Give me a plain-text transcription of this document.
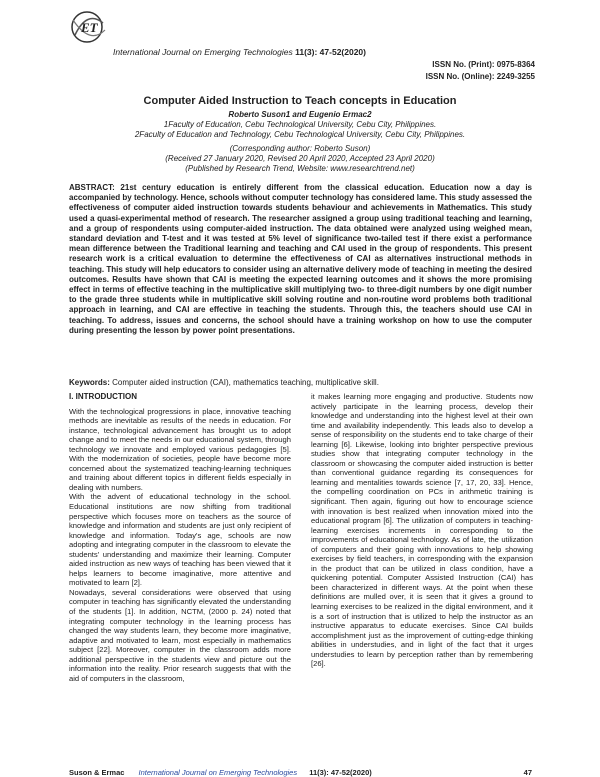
ET
International Journal on Emerging Technologies 11(3): 47-52(2020)
ISSN No. (Print): 0975-8364
ISSN No. (Online): 2249-3255
Computer Aided Instruction to Teach concepts in Education
Roberto Suson1 and Eugenio Ermac2
1Faculty of Education, Cebu Technological University, Cebu City, Philippines.
2Faculty of Education and Technology, Cebu Technological University, Cebu City, Philippines.
(Corresponding author: Roberto Suson)
(Received 27 January 2020, Revised 20 April 2020, Accepted 23 April 2020)
(Published by Research Trend, Website: www.researchtrend.net)
ABSTRACT: 21st century education is entirely different from the classical education. Education now a day is accompanied by technology. Hence, schools without computer technology has considered lame. This study assessed the effectiveness of computer aided instruction towards students behaviour and achievements in Mathematics. This study used a quasi-experimental method of research. The researcher assigned a group using traditional teaching and learning, and a group of respondents using computer-aided instruction. The data obtained were analyzed using weighed mean, standard deviation and T-test and it was tested at 5% level of significance two-tailed test if there exist a performance mean difference between the Traditional learning and teaching and CAI used in the group of respondents. This present research work is a critical evaluation to determine the effectiveness of CAI as alternatives instructional methods in teaching. This study will help educators to consider using an alternative delivery mode of teaching in meeting the desired outcomes. Results have shown that CAI is meeting the expected learning outcomes and it shows the more promising effect in terms of effective teaching in the multiplicative skill multiplying two- to three-digit numbers by one digit number to the grade three students while in multiplicative skill solving routine and non-routine word problems both traditional approach in learning, and CAI are effective in teaching the students. Through this, the teachers should use CAI in teaching. To address, issues and concerns, the school should have a training workshop on how to use the computer during presenting the lesson by power point presentations.
Keywords: Computer aided instruction (CAI), mathematics teaching, multiplicative skill.
I. INTRODUCTION

With the technological progressions in place, innovative teaching methods are inevitable as results of the needs in education. For instance, technological advancement has brought us to adopt change and to meet the needs in our educational system, through technology we innovate and employed various pedagogies [5]. With the modernization of societies, people have become more concerned about the systematized teaching-learning techniques and training about different topics in different fields especially in dealing with numbers.

With the advent of educational technology in the school. Educational institutions are now shifting from traditional perspective which focuses more on teachers as the source of knowledge and information and students are just only recipient of knowledge and information. Today's age, schools are now adopting and integrating computer in the classroom to elevate the students' understanding and maximize their learning. Computer aided instruction as new ways of teaching has been viewed that it helps learners to become imaginative, more attentive and motivated to learn [2].

Nowadays, several considerations were observed that using computer in teaching has significantly elevated the understanding of the students [1]. In addition, NCTM, (2000 p. 24) noted that integrating computer technology in the learning process has changed the way students learn, they become more imaginative, adaptive and motivated to learn, most especially in mathematics subject [22]. Moreover, computer in the classroom adds more additional perspective in the students view and picture out the information into the reality. Prior research suggests that with the aid of computers in the classroom,

it makes learning more engaging and productive. Students now actively participate in the learning process, develop their knowledge and understanding into the highest level at their own time and availability independently. This leads also to develop a sense of responsibility on the students end to take charge of their learning [6]. Likewise, looking into brighter perspective previous studies show that integrating computer technology in the classroom or showcasing the computer aided instruction is better than conventional guidance regarding its consequences for learning and mentalities towards science [7, 17, 20, 33]. Hence, the compelling coordination on PCs in arithmetic training is significant. Then again, figuring out how to encourage science with innovation is best realized when innovation mixed into the educational program [6]. The utilization of computers in teaching-learning exercises increments in corresponding to the improvements of educational technology. As of late, the utilization of computers and their going with innovations to help showing exercises by field teachers, in corresponding with the expansion in the product that can be utilized in class condition, have a quickening potential. Computer Assisted Instruction (CAI) has been characterized in different ways. At the point when these definitions are mulled over, it is seen that it gives a ground to learning exercises to be realized in the digital environment, and it is a sort of instruction that is utilized to help the instructor as an instructive apparatus to educate exercises. Since CAI builds accomplishment just as the improvement of cutting-edge thinking abilities in understudies, and in light of the fact that it urges understudies to learn by perception rather than by remembering [26].

Suson & Ermac International Journal on Emerging Technologies 11(3): 47-52(2020)	47
